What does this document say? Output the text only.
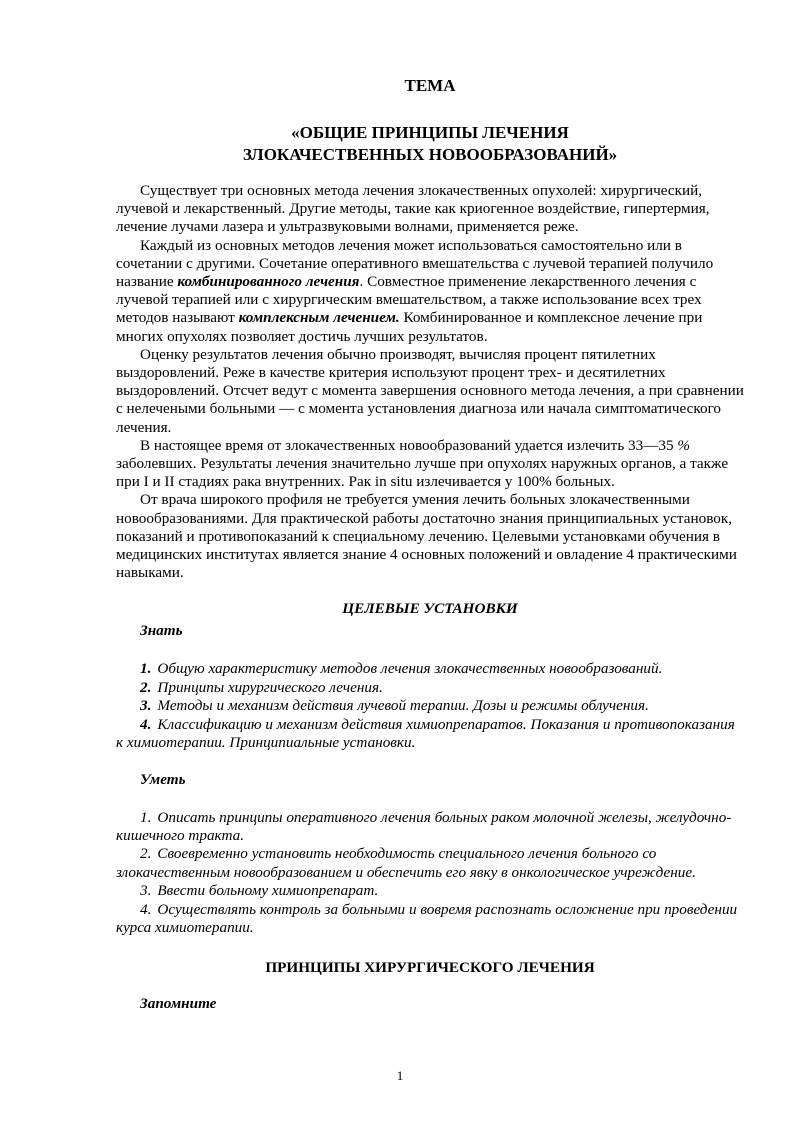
ТЕМА
«ОБЩИЕ ПРИНЦИПЫ ЛЕЧЕНИЯ
ЗЛОКАЧЕСТВЕННЫХ НОВООБРАЗОВАНИЙ»

Существует три основных метода лечения злокачественных опухолей: хирургический, лучевой и лекарственный. Другие методы, такие как криогенное воздействие, гипертермия, лечение лучами лазера и ультразвуковыми волнами, применяется реже.

Каждый из основных методов лечения может использоваться самостоятельно или в сочетании с другими. Сочетание оперативного вмешательства с лучевой терапией получило название комбинированного лечения. Совместное применение лекарственного лечения с лучевой терапией или с хирургическим вмешательством, а также использование всех трех методов называют комплексным лечением. Комбинированное и комплексное лечение при многих опухолях позволяет достичь лучших результатов.

Оценку результатов лечения обычно производят, вычисляя процент пятилетних выздоровлений. Реже в качестве критерия используют процент трех- и десятилетних выздоровлений. Отсчет ведут с момента завершения основного метода лечения, а при сравнении с нелечеными больными — с момента установления диагноза или начала симптоматического лечения.

В настоящее время от злокачественных новообразований удается излечить 33—35 % заболевших. Результаты лечения значительно лучше при опухолях наружных органов, а также при I и II стадиях рака внутренних. Рак in situ излечивается у 100% больных.

От врача широкого профиля не требуется умения лечить больных злокачественными новообразованиями. Для практической работы достаточно знания принципиальных установок, показаний и противопоказаний к специальному лечению. Целевыми установками обучения в медицинских институтах является знание 4 основных положений и овладение 4 практическими навыками.

ЦЕЛЕВЫЕ УСТАНОВКИ
Знать

1. Общую характеристику методов лечения злокачественных новообразований.

2. Принципы хирургического лечения.

3. Методы и механизм действия лучевой терапии. Дозы и режимы облучения.

4. Классификацию и механизм действия химиопрепаратов. Показания и противопоказания к химиотерапии. Принципиальные установки.

Уметь

1. Описать принципы оперативного лечения больных раком молочной железы, желудочно-кишечного тракта.

2. Своевременно установить необходимость специального лечения больного со злокачественным новообразованием и обеспечить его явку в онкологическое учреждение.

3. Ввести больному химиопрепарат.

4. Осуществлять контроль за больными и вовремя распознать осложнение при проведении курса химиотерапии.

ПРИНЦИПЫ ХИРУРГИЧЕСКОГО ЛЕЧЕНИЯ
Запомните
1
